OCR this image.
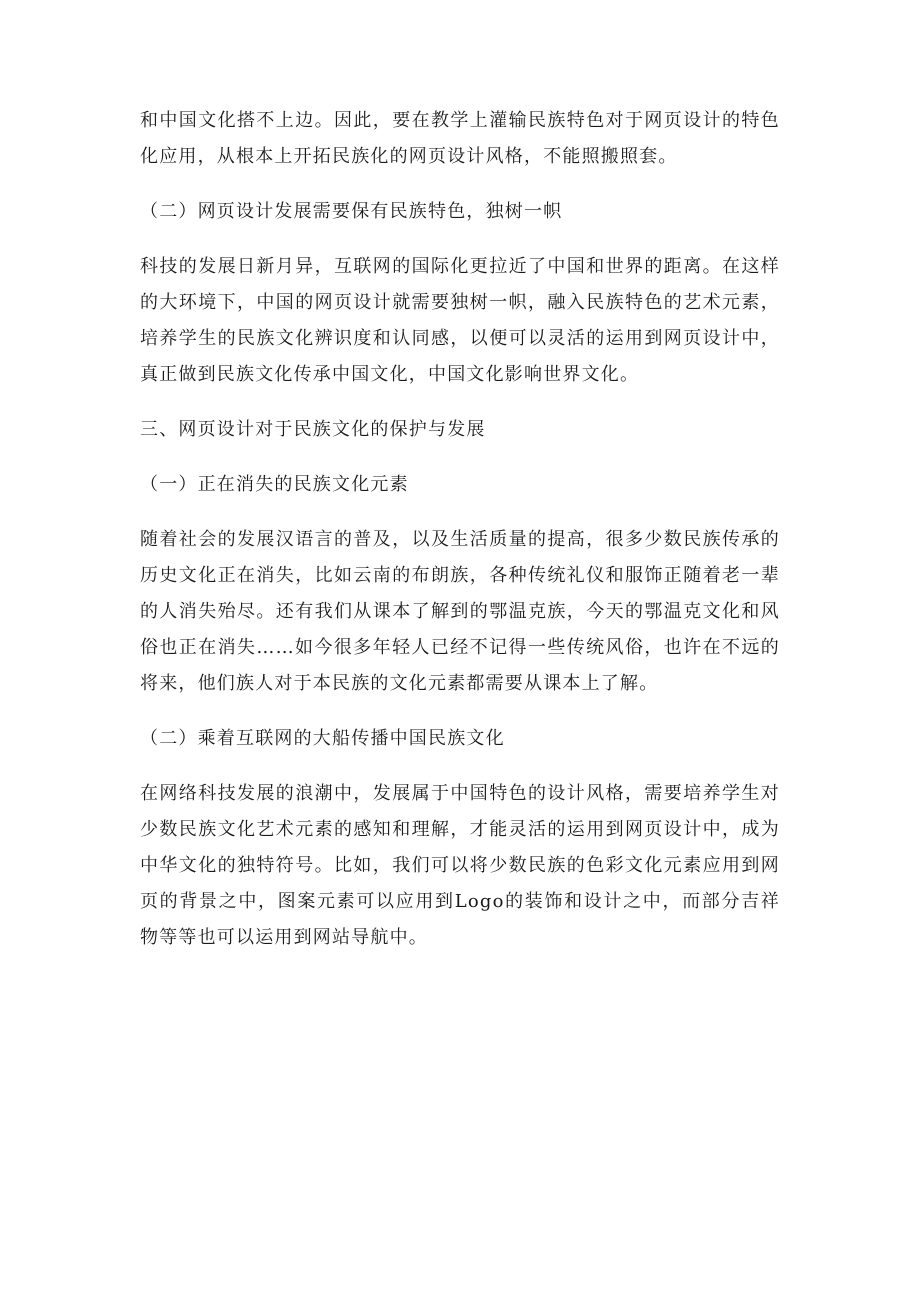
和中国文化搭不上边。因此，要在教学上灌输民族特色对于网页设计的特色化应用，从根本上开拓民族化的网页设计风格，不能照搬照套。

（二）网页设计发展需要保有民族特色，独树一帜

科技的发展日新月异，互联网的国际化更拉近了中国和世界的距离。在这样的大环境下，中国的网页设计就需要独树一帜，融入民族特色的艺术元素，培养学生的民族文化辨识度和认同感，以便可以灵活的运用到网页设计中，真正做到民族文化传承中国文化，中国文化影响世界文化。

三、网页设计对于民族文化的保护与发展

（一）正在消失的民族文化元素

随着社会的发展汉语言的普及，以及生活质量的提高，很多少数民族传承的历史文化正在消失，比如云南的布朗族，各种传统礼仪和服饰正随着老一辈的人消失殆尽。还有我们从课本了解到的鄂温克族，今天的鄂温克文化和风俗也正在消失……如今很多年轻人已经不记得一些传统风俗，也许在不远的将来，他们族人对于本民族的文化元素都需要从课本上了解。

（二）乘着互联网的大船传播中国民族文化

在网络科技发展的浪潮中，发展属于中国特色的设计风格，需要培养学生对少数民族文化艺术元素的感知和理解，才能灵活的运用到网页设计中，成为中华文化的独特符号。比如，我们可以将少数民族的色彩文化元素应用到网页的背景之中，图案元素可以应用到Logo的装饰和设计之中，而部分吉祥物等等也可以运用到网站导航中。
